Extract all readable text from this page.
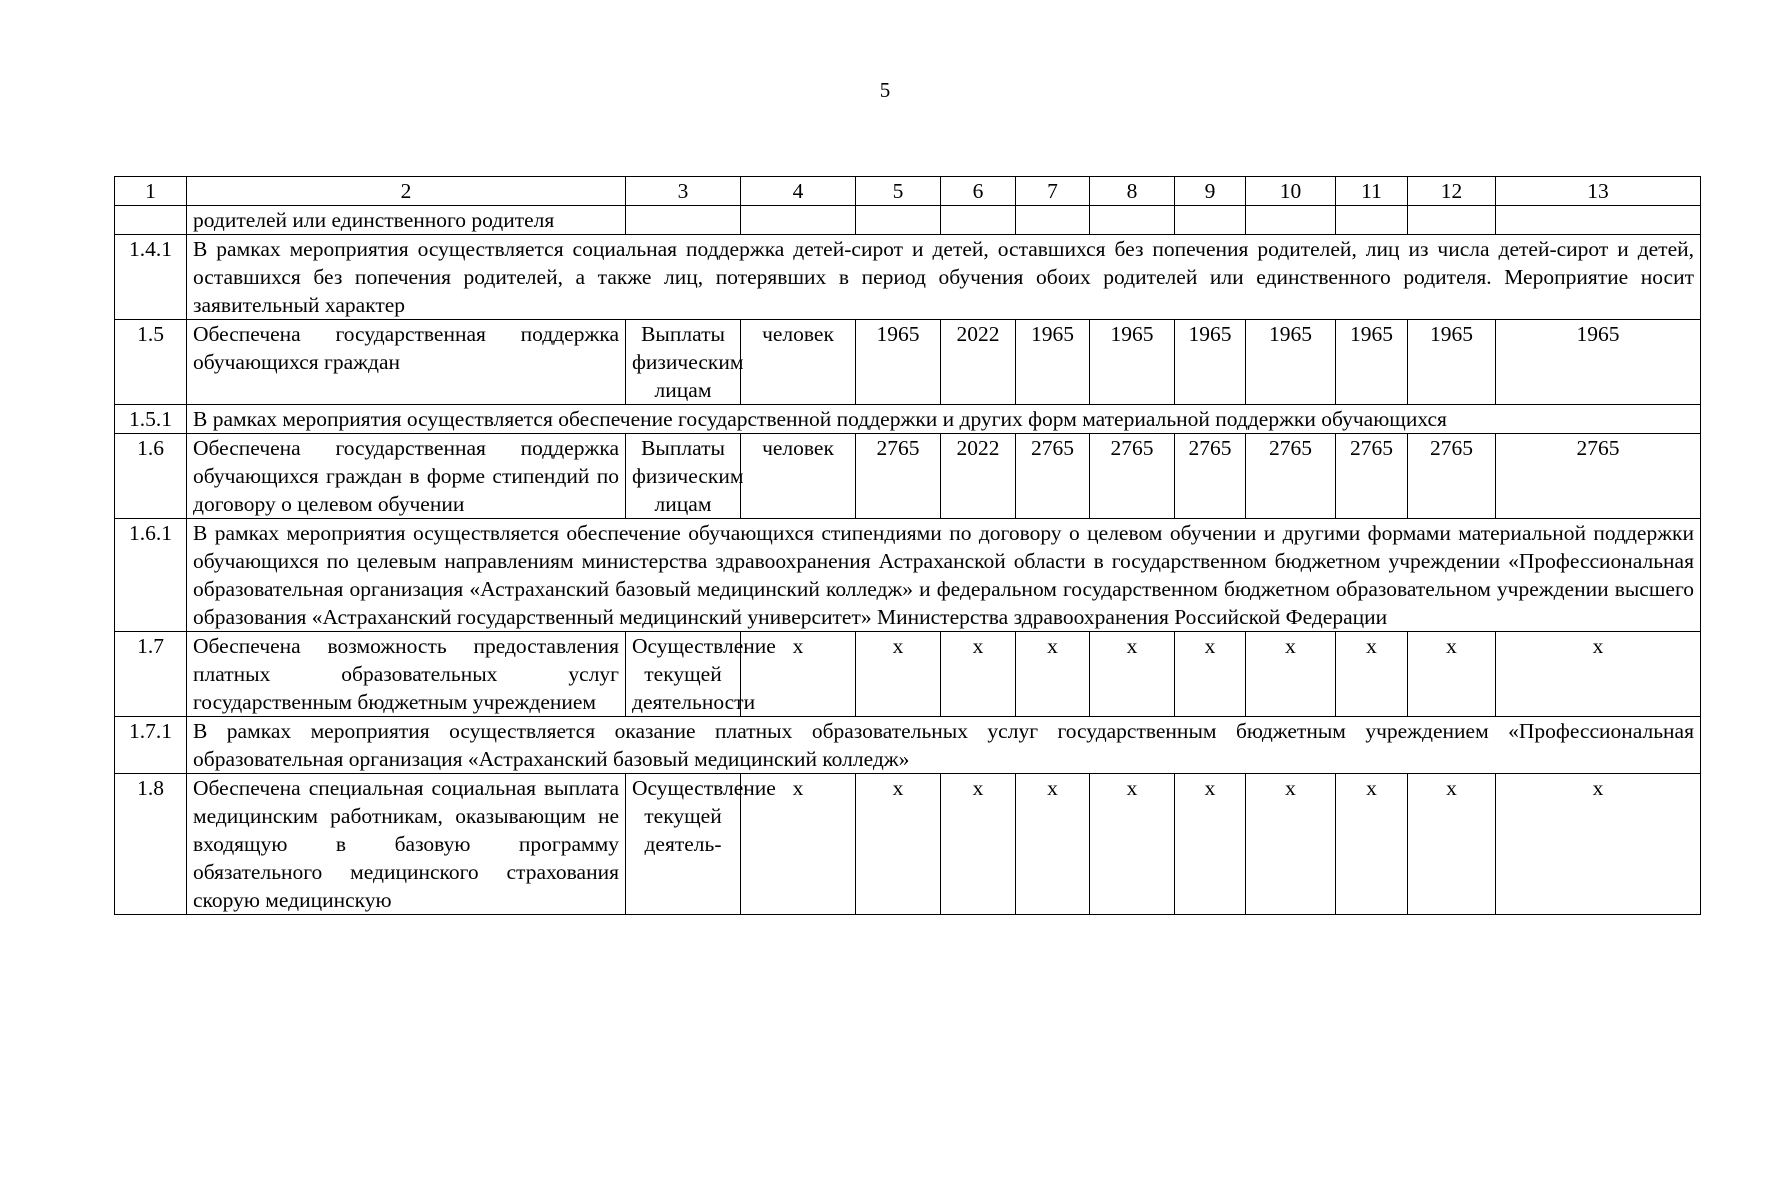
5
1	2	3	4	5	6	7	8	9	10	11	12	13
	родителей или единственного родителя											
1.4.1	В рамках мероприятия осуществляется социальная поддержка детей-сирот и детей, оставшихся без попечения родителей, лиц из числа детей-сирот и детей, оставшихся без попечения родителей, а также лиц, потерявших в период обучения обоих родителей или единственного родителя. Мероприятие носит заявительный характер											
1.5	Обеспечена государственная поддержка обучающихся граждан	Выплаты физическим лицам	человек	1965	2022	1965	1965	1965	1965	1965	1965	1965
1.5.1	В рамках мероприятия осуществляется обеспечение государственной поддержки и других форм материальной поддержки обучающихся											
1.6	Обеспечена государственная поддержка обучающихся граждан в форме стипендий по договору о целевом обучении	Выплаты физическим лицам	человек	2765	2022	2765	2765	2765	2765	2765	2765	2765
1.6.1	В рамках мероприятия осуществляется обеспечение обучающихся стипендиями по договору о целевом обучении и другими формами материальной поддержки обучающихся по целевым направлениям министерства здравоохранения Астраханской области в государственном бюджетном учреждении «Профессиональная образовательная организация «Астраханский базовый медицинский колледж» и федеральном государственном бюджетном образовательном учреждении высшего образования «Астраханский государственный медицинский университет» Министерства здравоохранения Российской Федерации											
1.7	Обеспечена возможность предоставления платных образовательных услуг государственным бюджетным учреждением	Осуществление текущей деятельности	х	х	х	х	х	х	х	х	х	х
1.7.1	В рамках мероприятия осуществляется оказание платных образовательных услуг государственным бюджетным учреждением «Профессиональная образовательная организация «Астраханский базовый медицинский колледж»											
1.8	Обеспечена специальная социальная выплата медицинским работникам, оказывающим не входящую в базовую программу обязательного медицинского страхования скорую медицинскую	Осуществление текущей деятель-	х	х	х	х	х	х	х	х	х	х
